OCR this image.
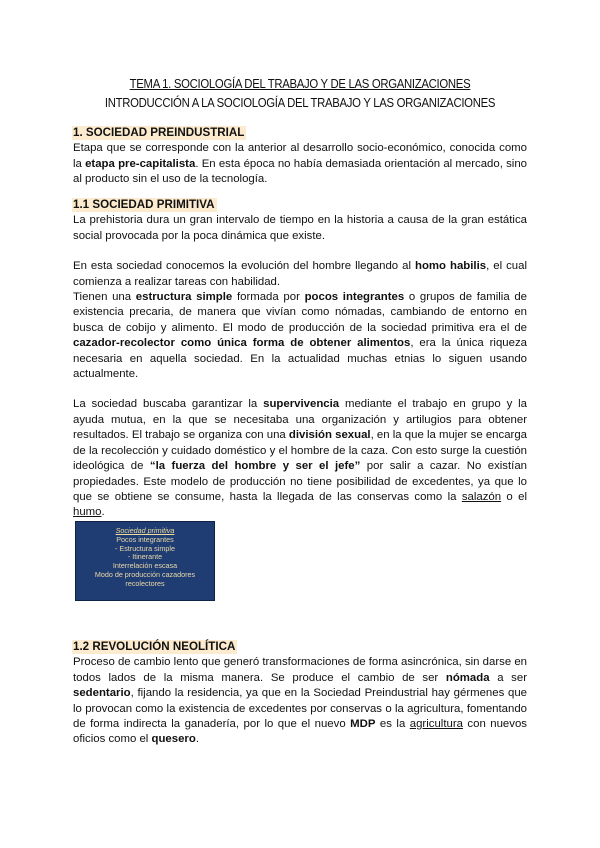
TEMA 1. SOCIOLOGÍA DEL TRABAJO Y DE LAS ORGANIZACIONES
INTRODUCCIÓN A LA SOCIOLOGÍA DEL TRABAJO Y LAS ORGANIZACIONES
1. SOCIEDAD PREINDUSTRIAL

Etapa que se corresponde con la anterior al desarrollo socio-económico, conocida como la etapa pre-capitalista. En esta época no había demasiada orientación al mercado, sino al producto sin el uso de la tecnología.

1.1 SOCIEDAD PRIMITIVA

La prehistoria dura un gran intervalo de tiempo en la historia a causa de la gran estática social provocada por la poca dinámica que existe.

En esta sociedad conocemos la evolución del hombre llegando al homo habilis, el cual comienza a realizar tareas con habilidad.

Tienen una estructura simple formada por pocos integrantes o grupos de familia de existencia precaria, de manera que vivían como nómadas, cambiando de entorno en busca de cobijo y alimento. El modo de producción de la sociedad primitiva era el de cazador-recolector como única forma de obtener alimentos, era la única riqueza necesaria en aquella sociedad. En la actualidad muchas etnias lo siguen usando actualmente.

La sociedad buscaba garantizar la supervivencia mediante el trabajo en grupo y la ayuda mutua, en la que se necesitaba una organización y artilugios para obtener resultados. El trabajo se organiza con una división sexual, en la que la mujer se encarga de la recolección y cuidado doméstico y el hombre de la caza. Con esto surge la cuestión ideológica de “la fuerza del hombre y ser el jefe” por salir a cazar. No existían propiedades. Este modelo de producción no tiene posibilidad de excedentes, ya que lo que se obtiene se consume, hasta la llegada de las conservas como la salazón o el humo.

Sociedad primitiva
Pocos integrantes
- Estructura simple
- Itinerante
Interrelación escasa
Modo de producción cazadores
recolectores
1.2 REVOLUCIÓN NEOLÍTICA

Proceso de cambio lento que generó transformaciones de forma asincrónica, sin darse en todos lados de la misma manera. Se produce el cambio de ser nómada a ser sedentario, fijando la residencia, ya que en la Sociedad Preindustrial hay gérmenes que lo provocan como la existencia de excedentes por conservas o la agricultura, fomentando de forma indirecta la ganadería, por lo que el nuevo MDP es la agricultura con nuevos oficios como el quesero.
